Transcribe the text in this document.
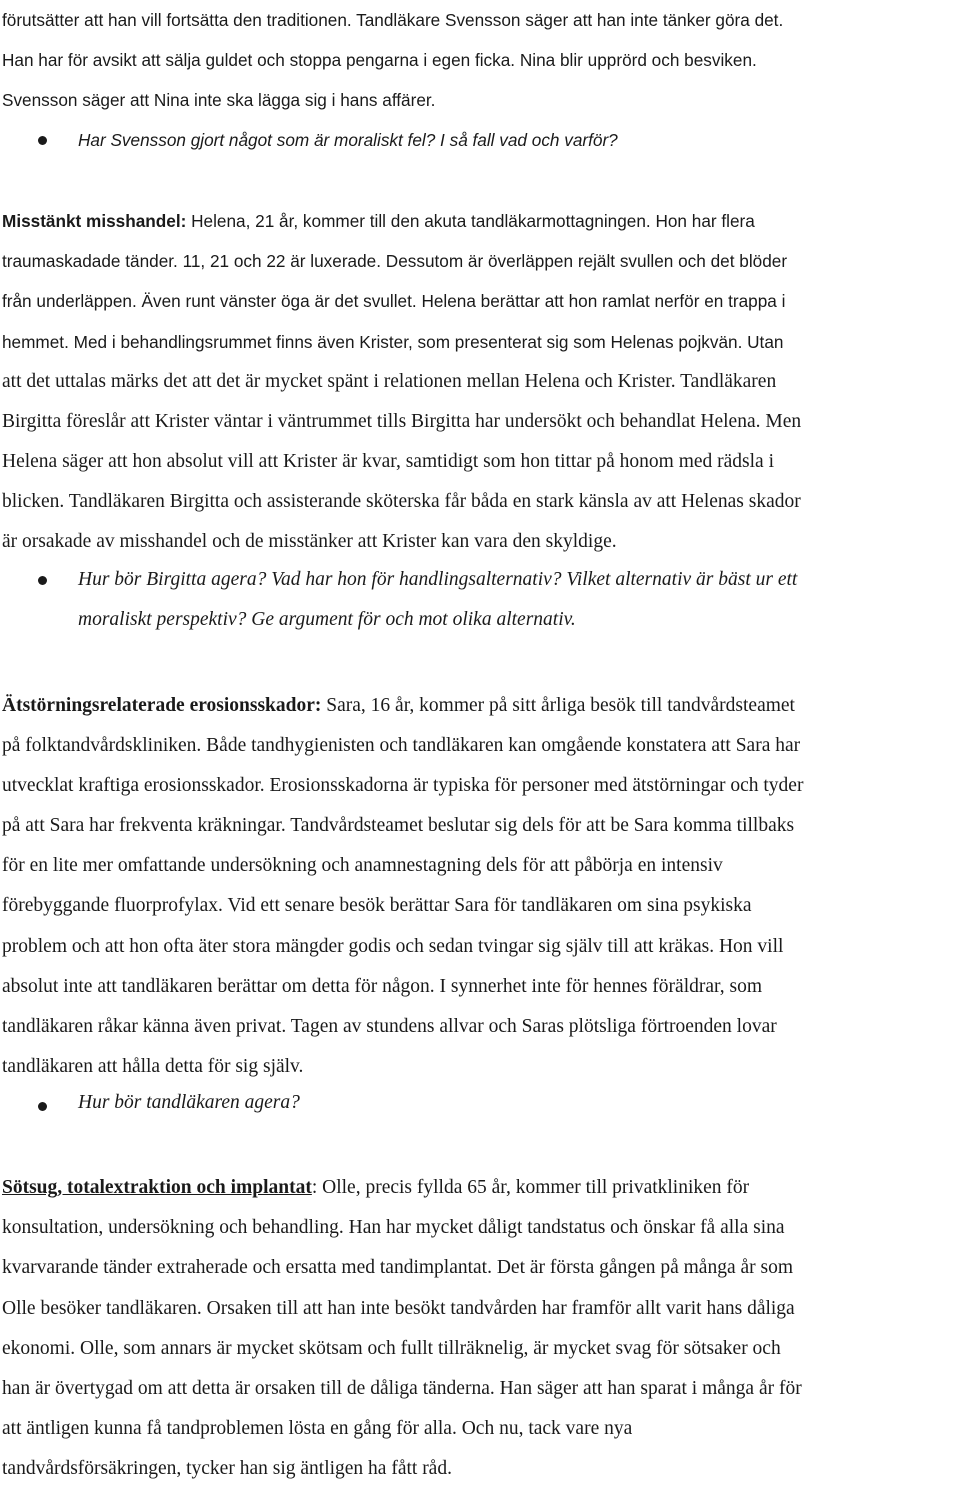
förutsätter att han vill fortsätta den traditionen. Tandläkare Svensson säger att han inte tänker göra det.
Han har för avsikt att sälja guldet och stoppa pengarna i egen ficka. Nina blir upprörd och besviken.
Svensson säger att Nina inte ska lägga sig i hans affärer.
Har Svensson gjort något som är moraliskt fel? I så fall vad och varför?
Misstänkt misshandel: Helena, 21 år, kommer till den akuta tandläkarmottagningen. Hon har flera
traumaskadade tänder. 11, 21 och 22 är luxerade. Dessutom är överläppen rejält svullen och det blöder
från underläppen. Även runt vänster öga är det svullet. Helena berättar att hon ramlat nerför en trappa i
hemmet. Med i behandlingsrummet finns även Krister, som presenterat sig som Helenas pojkvän. Utan
att det uttalas märks det att det är mycket spänt i relationen mellan Helena och Krister. Tandläkaren
Birgitta föreslår att Krister väntar i väntrummet tills Birgitta har undersökt och behandlat Helena. Men
Helena säger att hon absolut vill att Krister är kvar, samtidigt som hon tittar på honom med rädsla i
blicken. Tandläkaren Birgitta och assisterande sköterska får båda en stark känsla av att Helenas skador
är orsakade av misshandel och de misstänker att Krister kan vara den skyldige.
Hur bör Birgitta agera? Vad har hon för handlingsalternativ? Vilket alternativ är bäst ur ett
moraliskt perspektiv? Ge argument för och mot olika alternativ.
Ätstörningsrelaterade erosionsskador: Sara, 16 år, kommer på sitt årliga besök till tandvårdsteamet
på folktandvårdskliniken. Både tandhygienisten och tandläkaren kan omgående konstatera att Sara har
utvecklat kraftiga erosionsskador. Erosionsskadorna är typiska för personer med ätstörningar och tyder
på att Sara har frekventa kräkningar. Tandvårdsteamet beslutar sig dels för att be Sara komma tillbaks
för en lite mer omfattande undersökning och anamnestagning dels för att påbörja en intensiv
förebyggande fluorprofylax. Vid ett senare besök berättar Sara för tandläkaren om sina psykiska
problem och att hon ofta äter stora mängder godis och sedan tvingar sig själv till att kräkas. Hon vill
absolut inte att tandläkaren berättar om detta för någon. I synnerhet inte för hennes föräldrar, som
tandläkaren råkar känna även privat. Tagen av stundens allvar och Saras plötsliga förtroenden lovar
tandläkaren att hålla detta för sig själv.
Hur bör tandläkaren agera?
Sötsug, totalextraktion och implantat: Olle, precis fyllda 65 år, kommer till privatkliniken för
konsultation, undersökning och behandling. Han har mycket dåligt tandstatus och önskar få alla sina
kvarvarande tänder extraherade och ersatta med tandimplantat. Det är första gången på många år som
Olle besöker tandläkaren. Orsaken till att han inte besökt tandvården har framför allt varit hans dåliga
ekonomi. Olle, som annars är mycket skötsam och fullt tillräknelig, är mycket svag för sötsaker och
han är övertygad om att detta är orsaken till de dåliga tänderna. Han säger att han sparat i många år för
att äntligen kunna få tandproblemen lösta en gång för alla. Och nu, tack vare nya
tandvårdsförsäkringen, tycker han sig äntligen ha fått råd.
